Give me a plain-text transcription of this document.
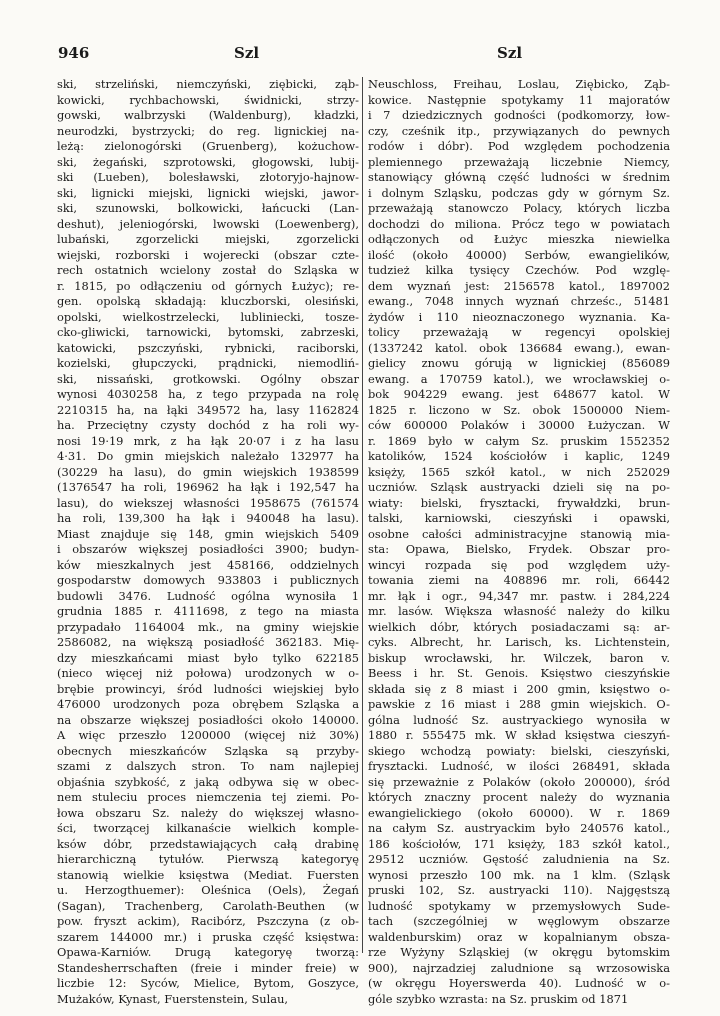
946	Szl	Szl
ski, strzeliński, niemczyński, ziębicki, ząb-
kowicki, rychbachowski, świdnicki, strzy-
gowski, walbrzyski (Waldenburg), kładzki,
neurodzki, bystrzycki; do reg. lignickiej na-
leżą: zielonogórski (Gruenberg), kożuchow-
ski, żegański, szprotowski, głogowski, lubij-
ski (Lueben), bolesławski, złotoryjo-hajnow-
ski, lignicki miejski, lignicki wiejski, jawor-
ski, szunowski, bolkowicki, łańcucki (Lan-
deshut), jeleniogórski, lwowski (Loewenberg),
lubański, zgorzelicki miejski, zgorzelicki
wiejski, rozborski i wojerecki (obszar czte-
rech ostatnich wcielony został do Szląska w
r. 1815, po odłączeniu od górnych Łużyc); re-
gen. opolską składają: kluczborski, olesiński,
opolski, wielkostrzelecki, lubliniecki, tosze-
cko-gliwicki, tarnowicki, bytomski, zabrzeski,
katowicki, pszczyński, rybnicki, raciborski,
kozielski, głupczycki, prądnicki, niemodliń-
ski, nissański, grotkowski. Ogólny obszar
wynosi 4030258 ha, z tego przypada na rolę
2210315 ha, na łąki 349572 ha, lasy 1162824
ha. Przeciętny czysty dochód z ha roli wy-
nosi 19·19 mrk, z ha łąk 20·07 i z ha lasu
4·31. Do gmin miejskich należało 132977 ha
(30229 ha lasu), do gmin wiejskich 1938599
(1376547 ha roli, 196962 ha łąk i 192,547 ha
lasu), do wiekszej własności 1958675 (761574
ha roli, 139,300 ha łąk i 940048 ha lasu).
Miast znajduje się 148, gmin wiejskich 5409
i obszarów większej posiadłości 3900; budyn-
ków mieszkalnych jest 458166, oddzielnych
gospodarstw domowych 933803 i publicznych
budowli 3476. Ludność ogólna wynosiła 1
grudnia 1885 r. 4111698, z tego na miasta
przypadało 1164004 mk., na gminy wiejskie
2586082, na większą posiadłość 362183. Mię-
dzy mieszkańcami miast było tylko 622185
(nieco więcej niż połowa) urodzonych w o-
brębie prowincyi, śród ludności wiejskiej było
476000 urodzonych poza obrębem Szląska a
na obszarze większej posiadłości około 140000.
A więc przeszło 1200000 (więcej niż 30%)
obecnych mieszkańców Szląska są przyby-
szami z dalszych stron. To nam najlepiej
objaśnia szybkość, z jaką odbywa się w obec-
nem stuleciu proces niemczenia tej ziemi. Po-
łowa obszaru Sz. należy do większej własno-
ści, tworzącej kilkanaście wielkich komple-
ksów dóbr, przedstawiających całą drabinę
hierarchiczną tytułów. Pierwszą kategoryę
stanowią wielkie księstwa (Mediat. Fuersten
u. Herzogthuemer): Oleśnica (Oels), Żegań
(Sagan), Trachenberg, Carolath-Beuthen (w
pow. fryszt ackim), Racibórz, Pszczyna (z ob-
szarem 144000 mr.) i pruska część księstwa:
Opawa-Karniów. Drugą kategoryę tworzą:
Standesherrschaften (freie i minder freie) w
liczbie 12: Syców, Mielice, Bytom, Goszyce,
Mużaków, Kynast, Fuerstenstein, Sulau,
Neuschloss, Freihau, Loslau, Ziębicko, Ząb-
kowice. Następnie spotykamy 11 majoratów
i 7 dziedzicznych godności (podkomorzy, łow-
czy, cześnik itp., przywiązanych do pewnych
rodów i dóbr). Pod względem pochodzenia
plemiennego przeważają liczebnie Niemcy,
stanowiący główną część ludności w średnim
i dolnym Szląsku, podczas gdy w górnym Sz.
przeważają stanowczo Polacy, których liczba
dochodzi do miliona. Prócz tego w powiatach
odłączonych od Łużyc mieszka niewielka
ilość (około 40000) Serbów, ewangielików,
tudzież kilka tysięcy Czechów. Pod wzglę-
dem wyznań jest: 2156578 katol., 1897002
ewang., 7048 innych wyznań chrześc., 51481
żydów i 110 nieoznaczonego wyznania. Ka-
tolicy przeważają w regencyi opolskiej
(1337242 katol. obok 136684 ewang.), ewan-
gielicy znowu górują w lignickiej (856089
ewang. a 170759 katol.), we wrocławskiej o-
bok 904229 ewang. jest 648677 katol. W
1825 r. liczono w Sz. obok 1500000 Niem-
ców 600000 Polaków i 30000 Łużyczan. W
r. 1869 było w całym Sz. pruskim 1552352
katolików, 1524 kościołów i kaplic, 1249
księży, 1565 szkół katol., w nich 252029
uczniów. Szląsk austryacki dzieli się na po-
wiaty: bielski, frysztacki, frywałdzki, brun-
talski, karniowski, cieszyński i opawski,
osobne całości administracyjne stanowią mia-
sta: Opawa, Bielsko, Frydek. Obszar pro-
wincyi rozpada się pod względem uży-
towania ziemi na 408896 mr. roli, 66442
mr. łąk i ogr., 94,347 mr. pastw. i 284,224
mr. lasów. Większa własność należy do kilku
wielkich dóbr, których posiadaczami są: ar-
cyks. Albrecht, hr. Larisch, ks. Lichtenstein,
biskup wrocławski, hr. Wilczek, baron v.
Beess i hr. St. Genois. Księstwo cieszyńskie
składa się z 8 miast i 200 gmin, księstwo o-
pawskie z 16 miast i 288 gmin wiejskich. O-
gólna ludność Sz. austryackiego wynosiła w
1880 r. 555475 mk. W skład księstwa cieszyń-
skiego wchodzą powiaty: bielski, cieszyński,
frysztacki. Ludność, w ilości 268491, składa
się przeważnie z Polaków (około 200000), śród
których znaczny procent należy do wyznania
ewangielickiego (około 60000). W r. 1869
na całym Sz. austryackim było 240576 katol.,
186 kościołów, 171 księży, 183 szkół katol.,
29512 uczniów. Gęstość zaludnienia na Sz.
wynosi przeszło 100 mk. na 1 klm. (Szląsk
pruski 102, Sz. austryacki 110). Najgęstszą
ludność spotykamy w przemysłowych Sude-
tach (szczególniej w węglowym obszarze
waldenburskim) oraz w kopalnianym obsza-
rze Wyżyny Szląskiej (w okręgu bytomskim
900), najrzadziej zaludnione są wrzosowiska
(w okręgu Hoyerswerda 40). Ludność w o-
góle szybko wzrasta: na Sz. pruskim od 1871
